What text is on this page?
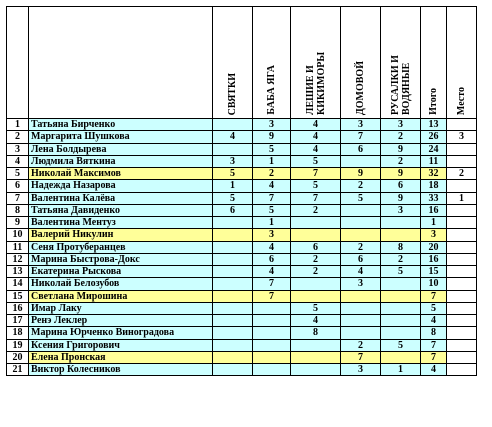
		СВЯТКИ	БАБА ЯГА	ЛЕШИЕ И КИКИМОРЫ	ДОМОВОЙ	РУСАЛКИ И ВОДЯНЫЕ	Итого	Место
1	Татьяна Бирченко		3	4	3	3	13	
2	Маргарита Шушкова	4	9	4	7	2	26	3
3	Лена Болдырева		5	4	6	9	24	
4	Людмила Вяткина	3	1	5		2	11	
5	Николай Максимов	5	2	7	9	9	32	2
6	Надежда Назарова	1	4	5	2	6	18	
7	Валентина Калёва	5	7	7	5	9	33	1
8	Татьяна Давиденко	6	5	2		3	16	
9	Валентина Ментуз		1				1	
10	Валерий Никулин		3				3	
11	Сеня Протуберанцев		4	6	2	8	20	
12	Марина Быстрова-Докс		6	2	6	2	16	
13	Екатерина Рыскова		4	2	4	5	15	
14	Николай Белозубов		7		3		10	
15	Светлана Мирошина		7				7	
16	Имар Лаку			5			5	
17	Ренэ Леклер			4			4	
18	Марина Юрченко Виноградова			8			8	
19	Ксения Григорович				2	5	7	
20	Елена Пронская				7		7	
21	Виктор Колесников				3	1	4	
